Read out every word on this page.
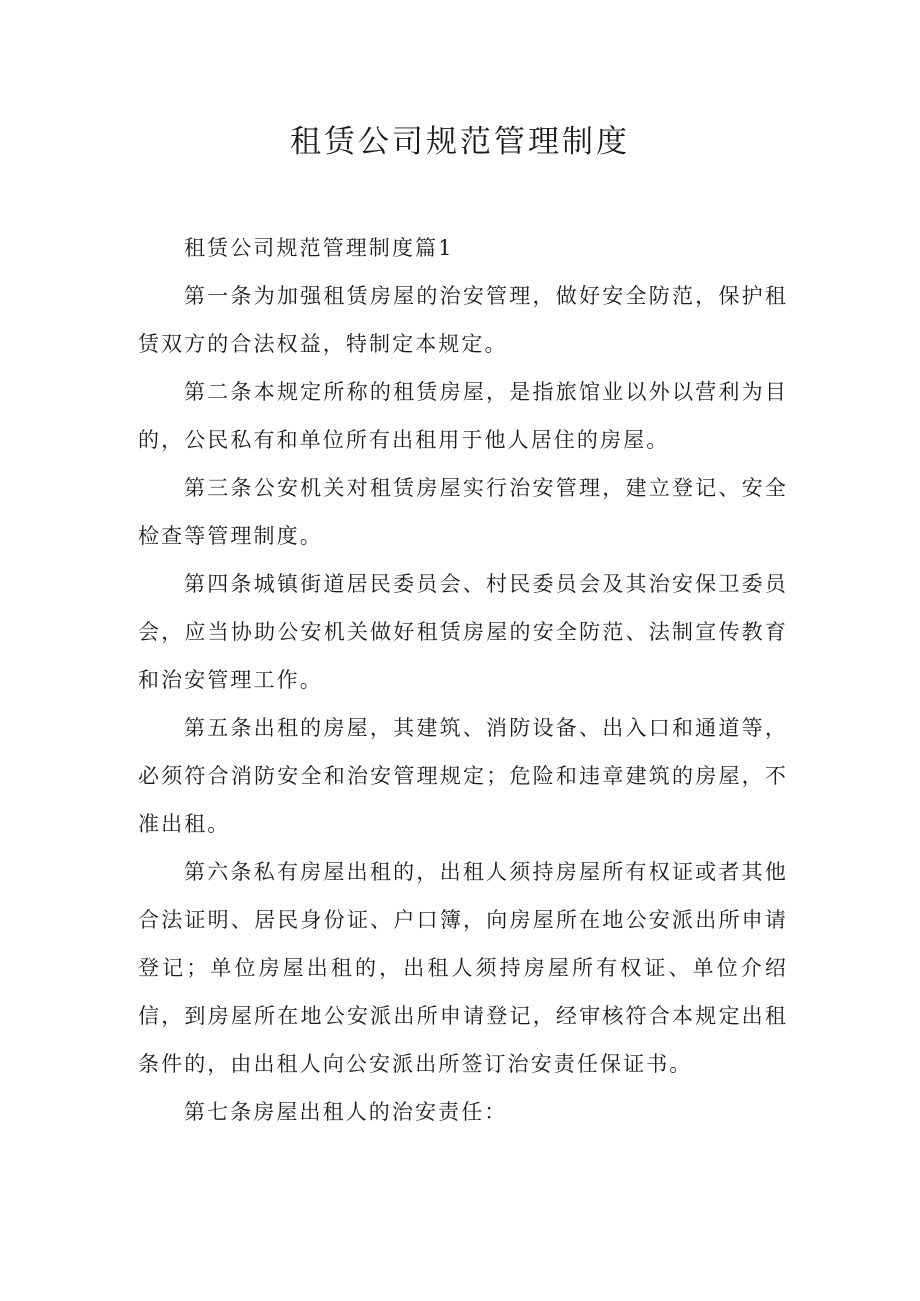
租赁公司规范管理制度

租赁公司规范管理制度篇1

第一条为加强租赁房屋的治安管理，做好安全防范，保护租赁双方的合法权益，特制定本规定。

第二条本规定所称的租赁房屋，是指旅馆业以外以营利为目的，公民私有和单位所有出租用于他人居住的房屋。

第三条公安机关对租赁房屋实行治安管理，建立登记、安全检查等管理制度。

第四条城镇街道居民委员会、村民委员会及其治安保卫委员会，应当协助公安机关做好租赁房屋的安全防范、法制宣传教育和治安管理工作。

第五条出租的房屋，其建筑、消防设备、出入口和通道等，必须符合消防安全和治安管理规定；危险和违章建筑的房屋，不准出租。

第六条私有房屋出租的，出租人须持房屋所有权证或者其他合法证明、居民身份证、户口簿，向房屋所在地公安派出所申请登记；单位房屋出租的，出租人须持房屋所有权证、单位介绍信，到房屋所在地公安派出所申请登记，经审核符合本规定出租条件的，由出租人向公安派出所签订治安责任保证书。

第七条房屋出租人的治安责任：
